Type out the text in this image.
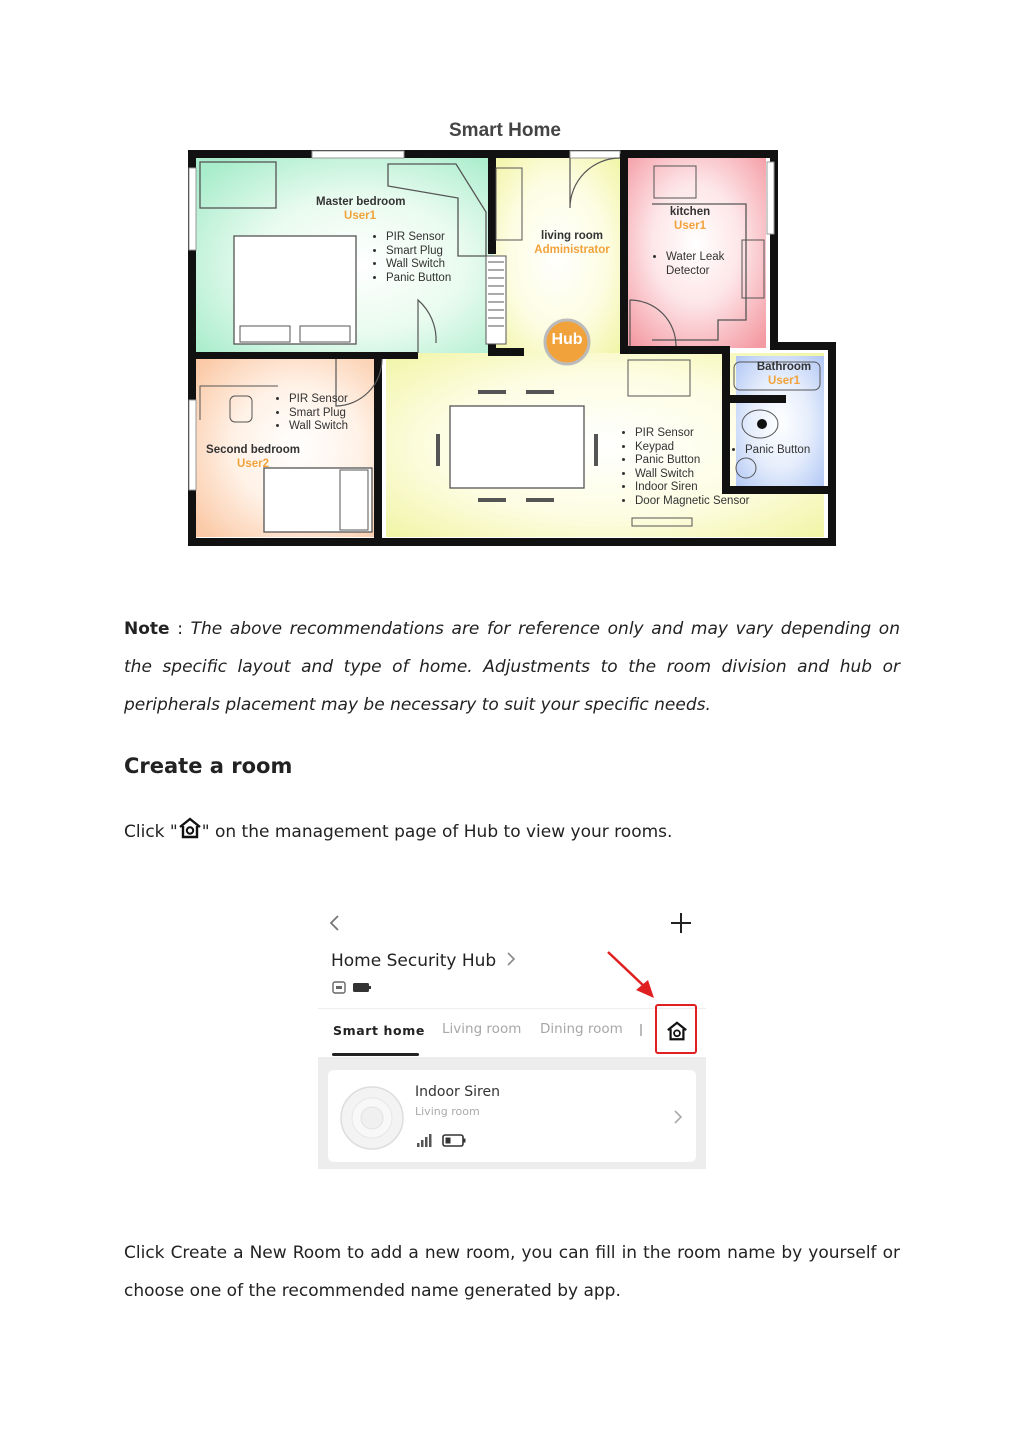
Smart Home
Master bedroom
User1
• PIR Sensor
• Smart Plug
• Wall Switch
• Panic Button
living room
Administrator
Hub
• PIR Sensor
• Keypad
• Panic Button
• Wall Switch
• Indoor Siren
• Door Magnetic Sensor
kitchen
User1
• Water Leak Detector
Second bedroom
User2
• PIR Sensor
• Smart Plug
• Wall Switch
Bathroom
User1
• Panic Button
Note : The above recommendations are for reference only and may vary depending on the specific layout and type of home. Adjustments to the room division and hub or peripherals placement may be necessary to suit your specific needs.
Create a room
Click " " on the management page of Hub to view your rooms.
Home Security Hub
Smart home Living room Dining room
Indoor Siren
Living room
Click Create a New Room to add a new room, you can fill in the room name by yourself or choose one of the recommended name generated by app.
